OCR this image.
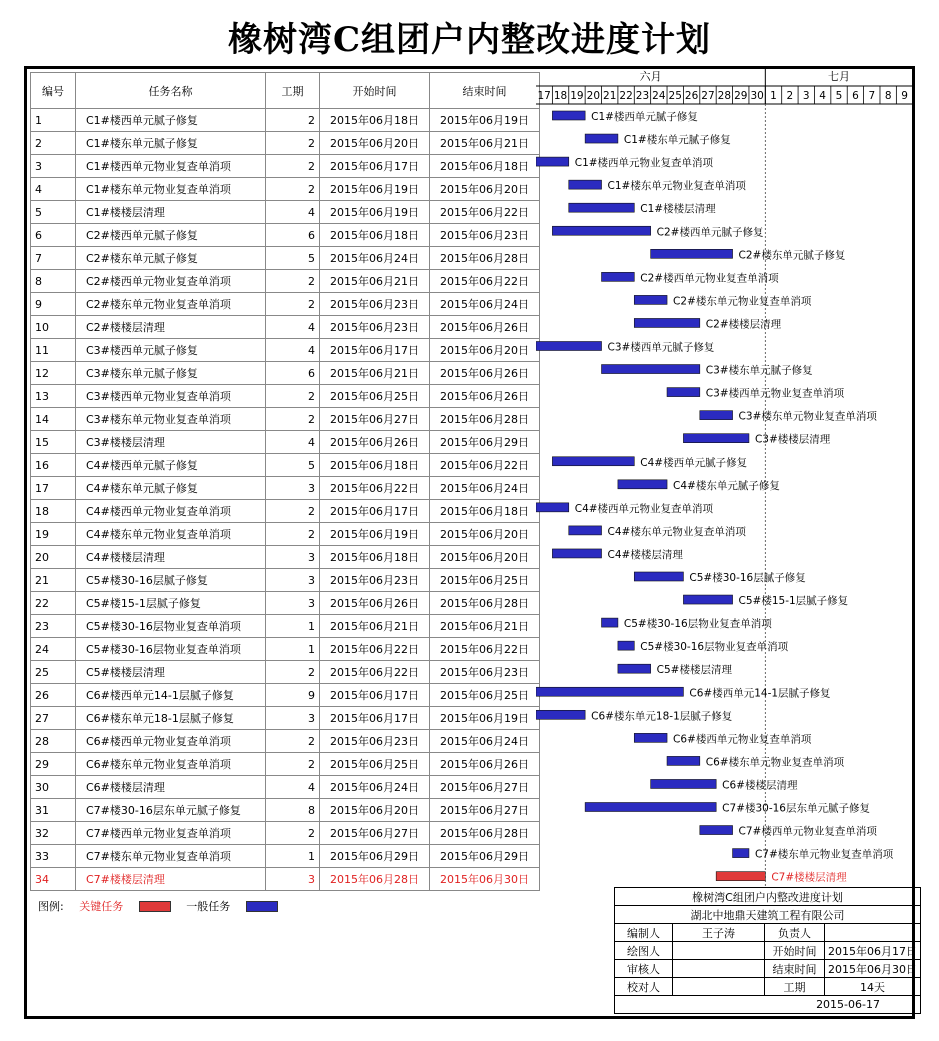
橡树湾C组团户内整改进度计划
编号	任务名称	工期	开始时间	结束时间
1	C1#楼西单元腻子修复	2	2015年06月18日	2015年06月19日
2	C1#楼东单元腻子修复	2	2015年06月20日	2015年06月21日
3	C1#楼西单元物业复查单消项	2	2015年06月17日	2015年06月18日
4	C1#楼东单元物业复查单消项	2	2015年06月19日	2015年06月20日
5	C1#楼楼层清理	4	2015年06月19日	2015年06月22日
6	C2#楼西单元腻子修复	6	2015年06月18日	2015年06月23日
7	C2#楼东单元腻子修复	5	2015年06月24日	2015年06月28日
8	C2#楼西单元物业复查单消项	2	2015年06月21日	2015年06月22日
9	C2#楼东单元物业复查单消项	2	2015年06月23日	2015年06月24日
10	C2#楼楼层清理	4	2015年06月23日	2015年06月26日
11	C3#楼西单元腻子修复	4	2015年06月17日	2015年06月20日
12	C3#楼东单元腻子修复	6	2015年06月21日	2015年06月26日
13	C3#楼西单元物业复查单消项	2	2015年06月25日	2015年06月26日
14	C3#楼东单元物业复查单消项	2	2015年06月27日	2015年06月28日
15	C3#楼楼层清理	4	2015年06月26日	2015年06月29日
16	C4#楼西单元腻子修复	5	2015年06月18日	2015年06月22日
17	C4#楼东单元腻子修复	3	2015年06月22日	2015年06月24日
18	C4#楼西单元物业复查单消项	2	2015年06月17日	2015年06月18日
19	C4#楼东单元物业复查单消项	2	2015年06月19日	2015年06月20日
20	C4#楼楼层清理	3	2015年06月18日	2015年06月20日
21	C5#楼30-16层腻子修复	3	2015年06月23日	2015年06月25日
22	C5#楼15-1层腻子修复	3	2015年06月26日	2015年06月28日
23	C5#楼30-16层物业复查单消项	1	2015年06月21日	2015年06月21日
24	C5#楼30-16层物业复查单消项	1	2015年06月22日	2015年06月22日
25	C5#楼楼层清理	2	2015年06月22日	2015年06月23日
26	C6#楼西单元14-1层腻子修复	9	2015年06月17日	2015年06月25日
27	C6#楼东单元18-1层腻子修复	3	2015年06月17日	2015年06月19日
28	C6#楼西单元物业复查单消项	2	2015年06月23日	2015年06月24日
29	C6#楼东单元物业复查单消项	2	2015年06月25日	2015年06月26日
30	C6#楼楼层清理	4	2015年06月24日	2015年06月27日
31	C7#楼30-16层东单元腻子修复	8	2015年06月20日	2015年06月27日
32	C7#楼西单元物业复查单消项	2	2015年06月27日	2015年06月28日
33	C7#楼东单元物业复查单消项	1	2015年06月29日	2015年06月29日
34	C7#楼楼层清理	3	2015年06月28日	2015年06月30日
六月
17 18 19 20 21 22 23 24 25 26 27 28 29 30
七月
1 2 3 4 5 6 7 8 9
C1#楼西单元腻子修复
C1#楼东单元腻子修复
C1#楼西单元物业复查单消项
C1#楼东单元物业复查单消项
C1#楼楼层清理
C2#楼西单元腻子修复
C2#楼东单元腻子修复
C2#楼西单元物业复查单消项
C2#楼东单元物业复查单消项
C2#楼楼层清理
C3#楼西单元腻子修复
C3#楼东单元腻子修复
C3#楼西单元物业复查单消项
C3#楼东单元物业复查单消项
C3#楼楼层清理
C4#楼西单元腻子修复
C4#楼东单元腻子修复
C4#楼西单元物业复查单消项
C4#楼东单元物业复查单消项
C4#楼楼层清理
C5#楼30-16层腻子修复
C5#楼15-1层腻子修复
C5#楼30-16层物业复查单消项
C5#楼30-16层物业复查单消项
C5#楼楼层清理
C6#楼西单元14-1层腻子修复
C6#楼东单元18-1层腻子修复
C6#楼西单元物业复查单消项
C6#楼东单元物业复查单消项
C6#楼楼层清理
C7#楼30-16层东单元腻子修复
C7#楼西单元物业复查单消项
C7#楼东单元物业复查单消项
C7#楼楼层清理
图例: 关键任务	一般任务
橡树湾C组团户内整改进度计划			
湖北中地鼎天建筑工程有限公司			
编制人	王子涛	负责人	
绘图人		开始时间	2015年06月17日
审核人		结束时间	2015年06月30日
校对人		工期	14天
2015-06-17			
